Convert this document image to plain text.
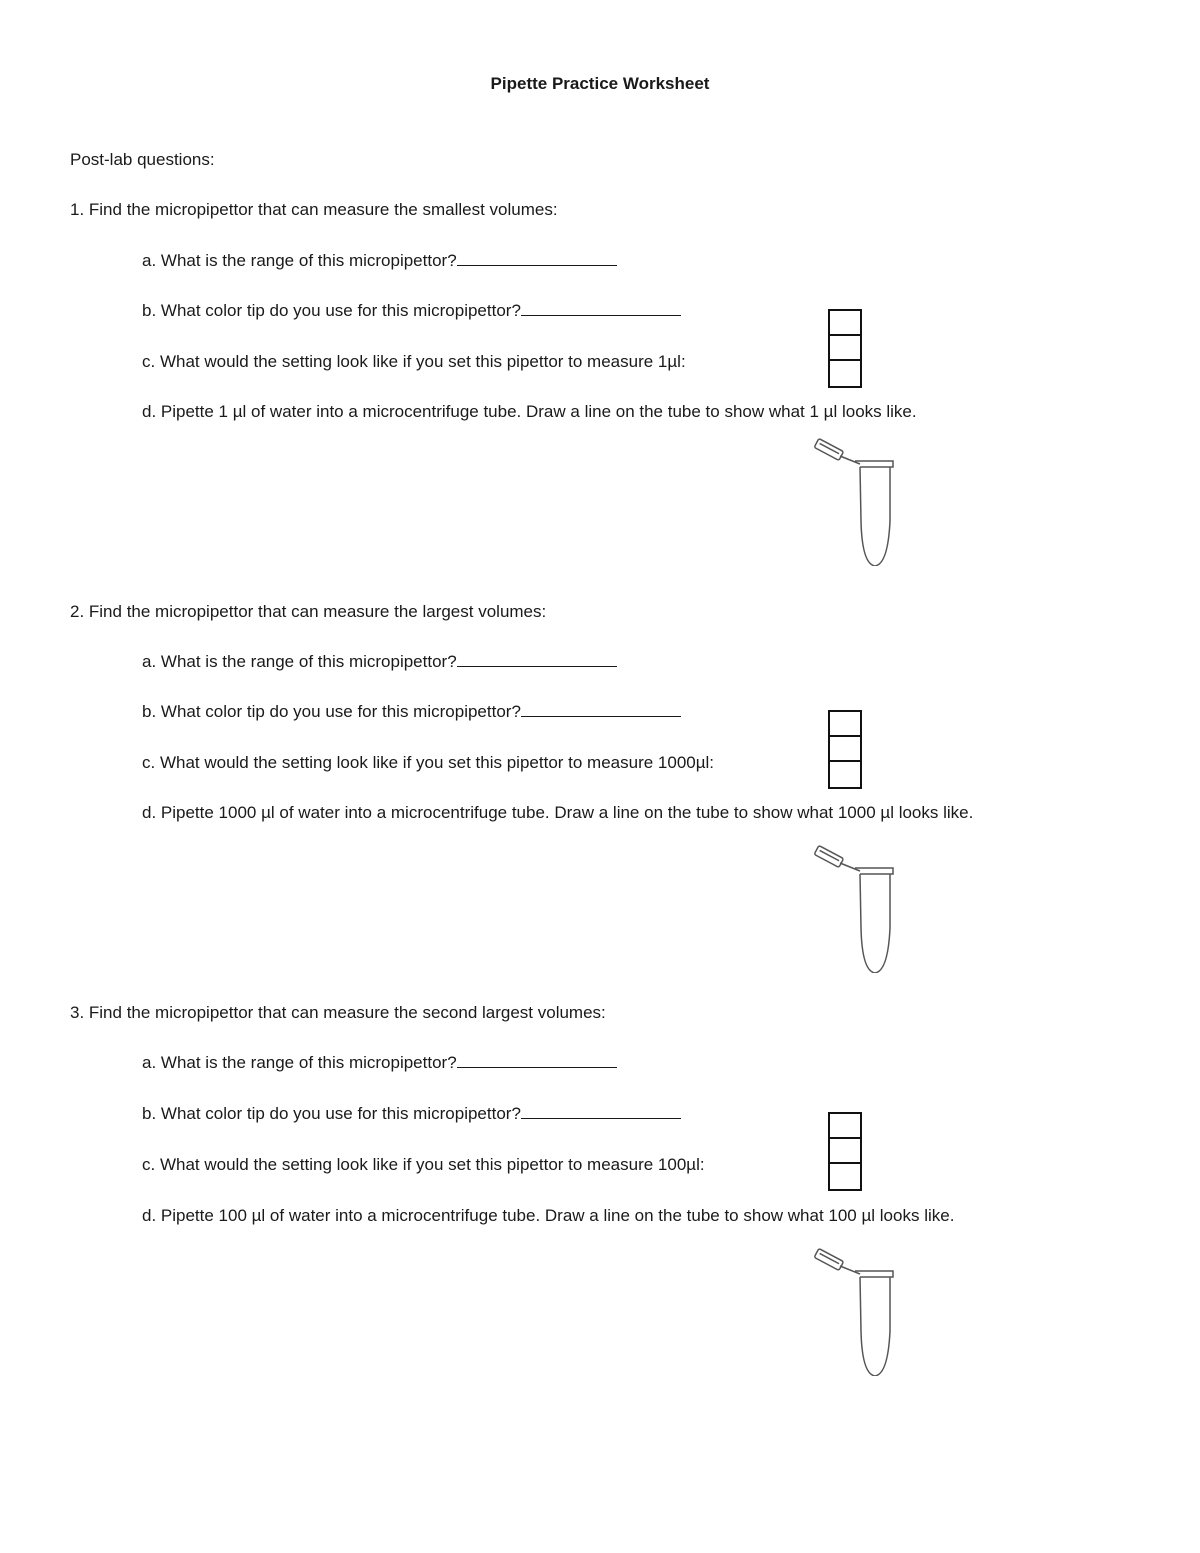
Pipette Practice Worksheet
Post-lab questions:
1. Find the micropipettor that can measure the smallest volumes:
a. What is the range of this micropipettor?
b. What color tip do you use for this micropipettor?
c. What would the setting look like if you set this pipettor to measure 1µl:
d. Pipette 1 µl of water into a microcentrifuge tube. Draw a line on the tube to show what 1 µl looks like.
2. Find the micropipettor that can measure the largest volumes:
a. What is the range of this micropipettor?
b. What color tip do you use for this micropipettor?
c. What would the setting look like if you set this pipettor to measure 1000µl:
d. Pipette 1000 µl of water into a microcentrifuge tube. Draw a line on the tube to show what 1000 µl looks like.
3. Find the micropipettor that can measure the second largest volumes:
a. What is the range of this micropipettor?
b. What color tip do you use for this micropipettor?
c. What would the setting look like if you set this pipettor to measure 100µl:
d. Pipette 100 µl of water into a microcentrifuge tube. Draw a line on the tube to show what 100 µl looks like.
